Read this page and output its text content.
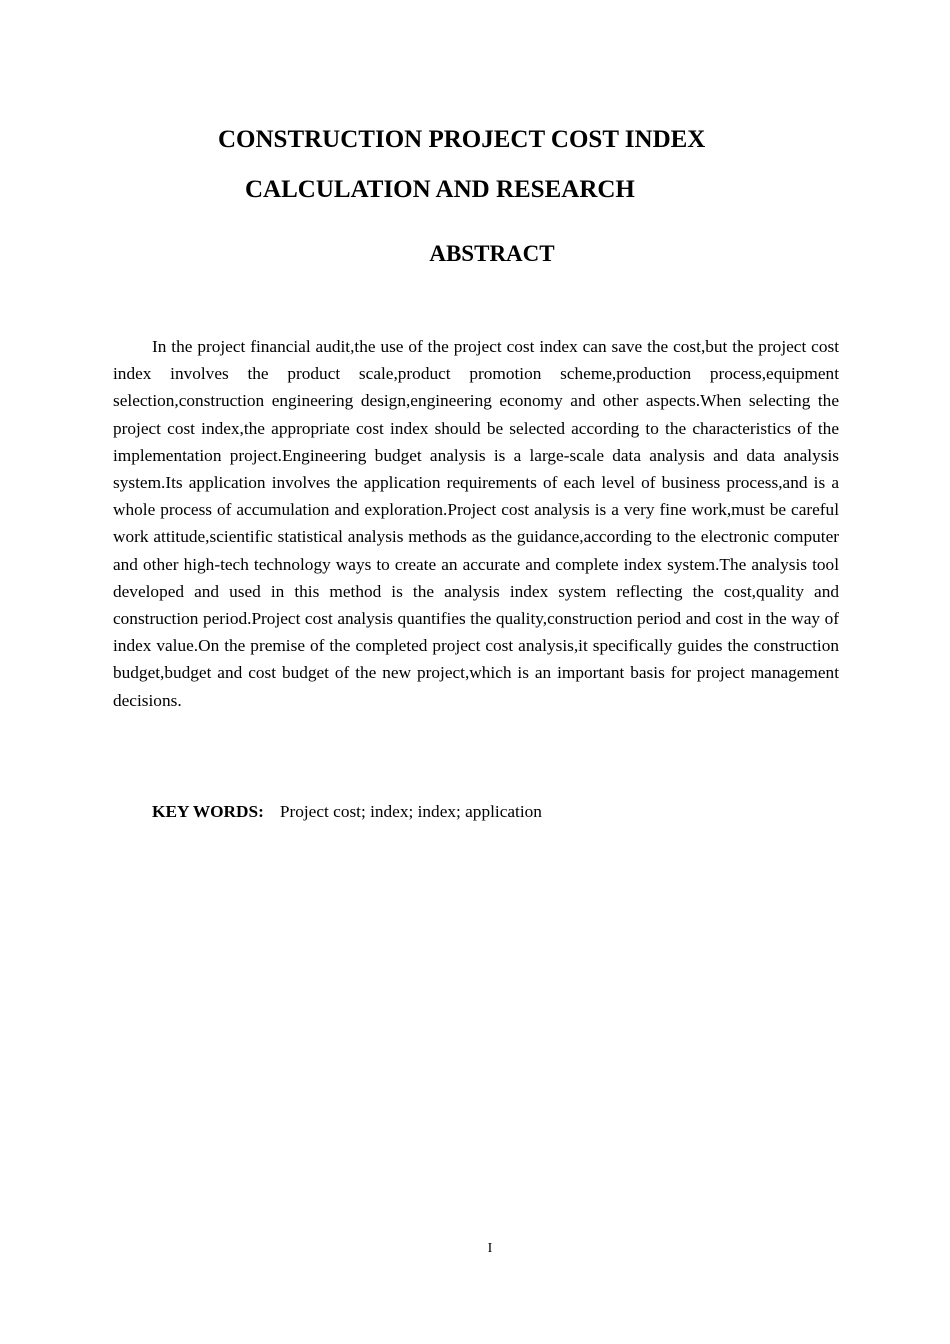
CONSTRUCTION PROJECT COST INDEX
CALCULATION AND RESEARCH
ABSTRACT

In the project financial audit,the use of the project cost index can save the cost,but the project cost index involves the product scale,product promotion scheme,production process,equipment selection,construction engineering design,engineering economy and other aspects.When selecting the project cost index,the appropriate cost index should be selected according to the characteristics of the implementation project.Engineering budget analysis is a large-scale data analysis and data analysis system.Its application involves the application requirements of each level of business process,and is a whole process of accumulation and exploration.Project cost analysis is a very fine work,must be careful work attitude,scientific statistical analysis methods as the guidance,according to the electronic computer and other high-tech technology ways to create an accurate and complete index system.The analysis tool developed and used in this method is the analysis index system reflecting the cost,quality and construction period.Project cost analysis quantifies the quality,construction period and cost in the way of index value.On the premise of the completed project cost analysis,it specifically guides the construction budget,budget and cost budget of the new project,which is an important basis for project management decisions.

KEY WORDS: Project cost; index; index; application

I
